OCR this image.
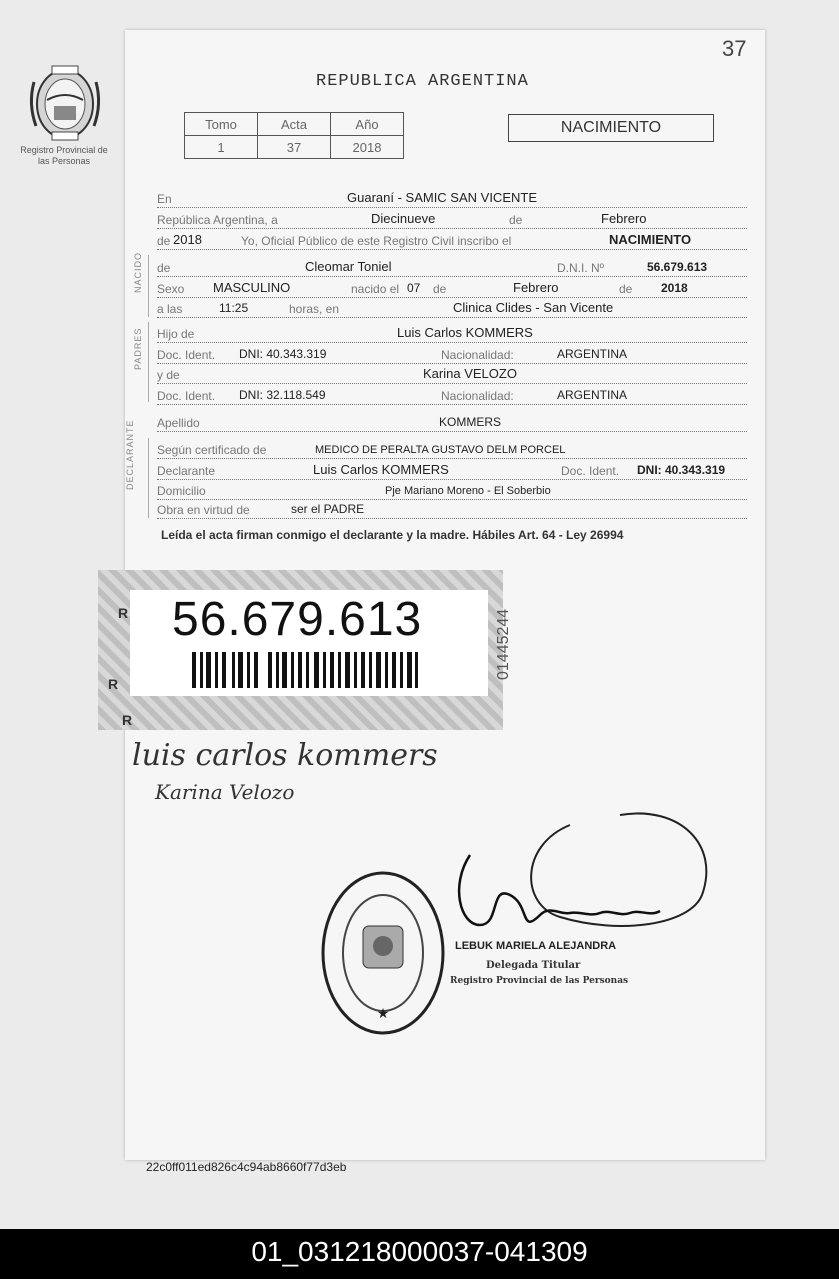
37
Registro Provincial de las Personas
REPUBLICA ARGENTINA
Tomo	Acta	Año
1	37	2018
NACIMIENTO
En	Guaraní - SAMIC SAN VICENTE
República Argentina, a	Diecinueve	de	Febrero
de 2018	Yo, Oficial Público de este Registro Civil inscribo el	NACIMIENTO
NACIDO de	Cleomar Toniel	D.N.I. Nº	56.679.613
Sexo MASCULINO	nacido el 07 de	Febrero	de 2018
a las	11:25	horas, en	Clinica Clides - San Vicente
PADRES Hijo de	Luis Carlos KOMMERS
Doc. Ident. DNI: 40.343.319	Nacionalidad:	ARGENTINA
y de	Karina VELOZO
Doc. Ident. DNI: 32.118.549	Nacionalidad:	ARGENTINA
Apellido	KOMMERS
DECLARANTE Según certificado de	MEDICO DE PERALTA GUSTAVO DELM PORCEL
Declarante	Luis Carlos KOMMERS	Doc. Ident. DNI: 40.343.319
Domicilio	Pje Mariano Moreno - El Soberbio
Obra en virtud de	ser el PADRE
Leída el acta firman conmigo el declarante y la madre. Hábiles Art. 64 - Ley 26994
R
R
R
56.679.613	01445244
luis carlos kommers
Karina Velozo
★
LEBUK MARIELA ALEJANDRA
Delegada Titular
Registro Provincial de las Personas
22c0ff011ed826c4c94ab8660f77d3eb
01_031218000037-041309
